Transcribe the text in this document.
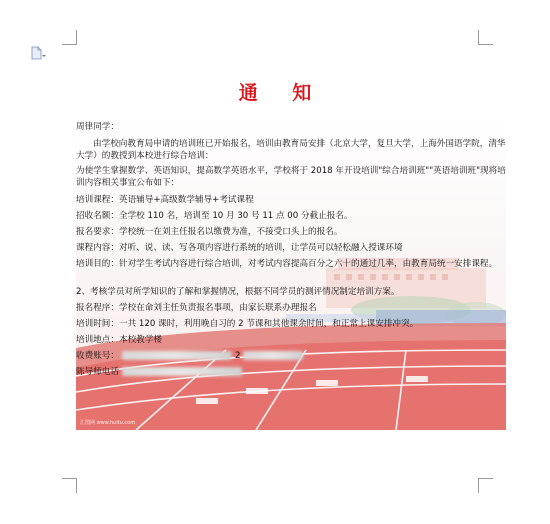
汇图网 www.huitu.com
通 知
周律同学：
由学校向教育局申请的培训班已开始报名，培训由教育局安排（北京大学，复旦大学，上海外国语学院，清华大学）的教授到本校进行综合培训：
为使学生掌握数学、英语知识，提高数学英语水平，学校将于 2018 年开设培训"综合培训班""英语培训班"现将培训内容相关事宜公布如下：
培训课程：英语辅导+高级数学辅导+考试课程
招收名额：全学校 110 名，培训至 10 月 30 号 11 点 00 分截止报名。
报名要求：学校统一在刘主任报名以缴费为准，不接受口头上的报名。
课程内容：对听、说、读、写各项内容进行系统的培训，让学员可以轻松融入授课环境
培训目的：针对学生考试内容进行综合培训，对考试内容提高百分之六十的通过几率，由教育局统一安排课程。
2、考核学员对所学知识的了解和掌握情况，根据不同学员的测评情况制定培训方案。
报名程序：学校在命刘主任负责报名事项，由家长联系办理报名
培训时间：一共 120 课时，利用晚自习的 2 节课和其他课余时间，和正常上课安排冲突。
培训地点：本校教学楼
收费账号：	2
陈导师电话
